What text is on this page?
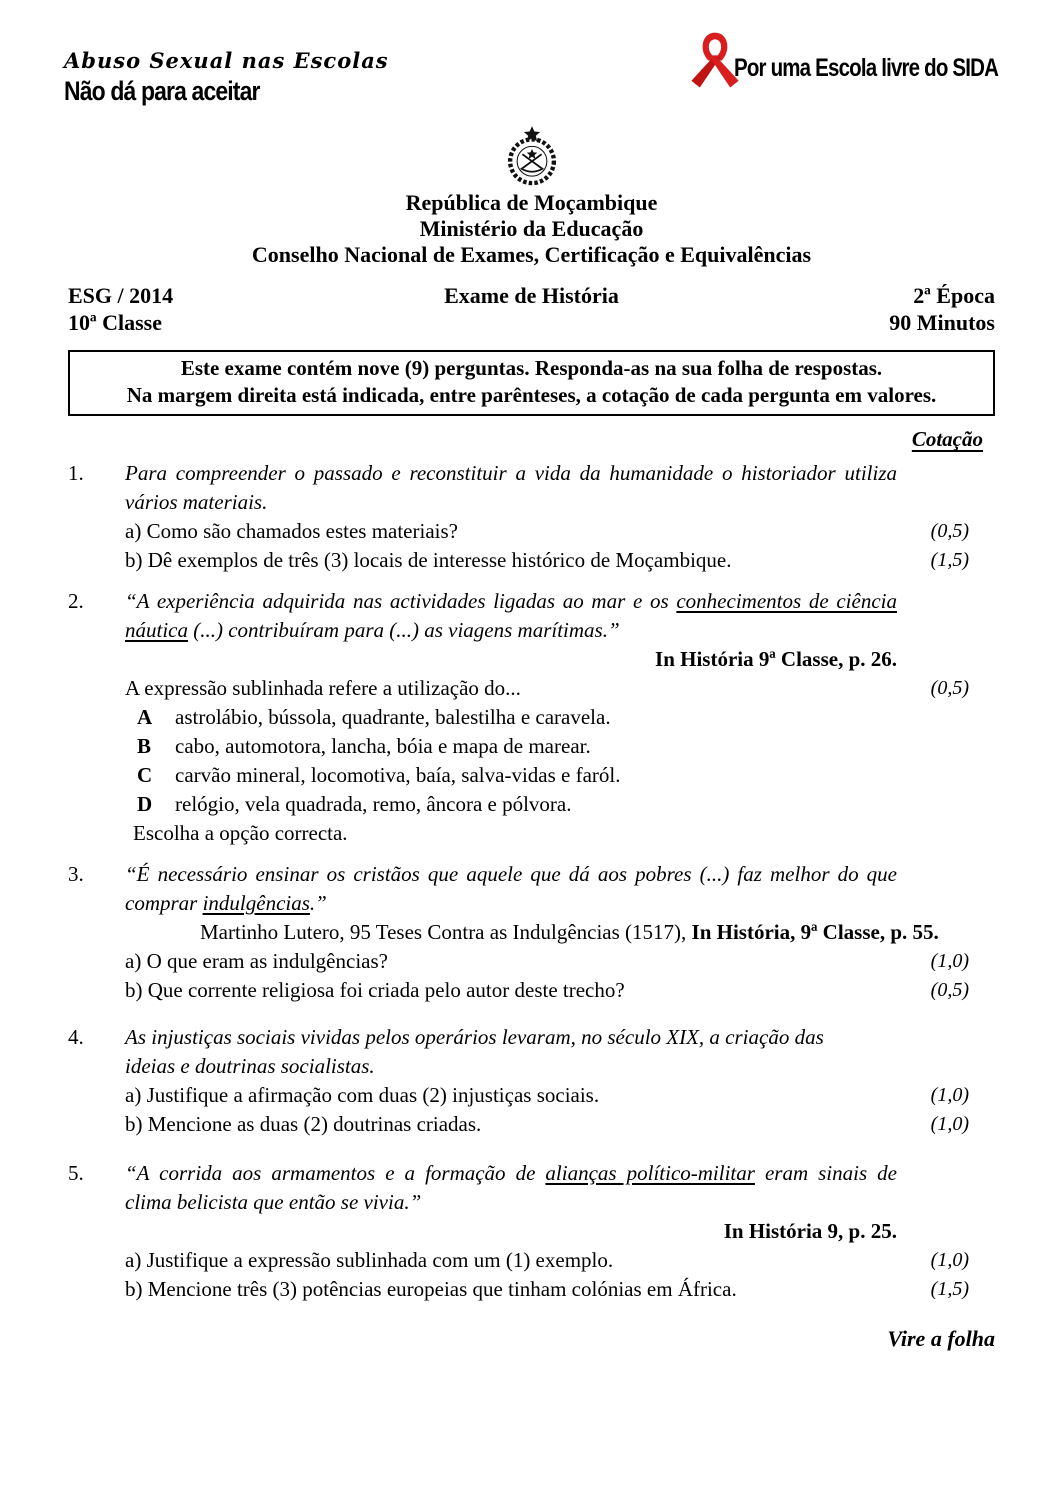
Abuso Sexual nas Escolas
Não dá para aceitar
Por uma Escola livre do SIDA
República de Moçambique
Ministério da Educação
Conselho Nacional de Exames, Certificação e Equivalências
ESG / 2014
10ª Classe
Exame de História	2ª Época
90 Minutos
Este exame contém nove (9) perguntas. Responda-as na sua folha de respostas.
Na margem direita está indicada, entre parênteses, a cotação de cada pergunta em valores.
Cotação
1.	Para compreender o passado e reconstituir a vida da humanidade o historiador utiliza
vários materiais.
a) Como são chamados estes materiais?	(0,5)
b) Dê exemplos de três (3) locais de interesse histórico de Moçambique.	(1,5)
2.	“A experiência adquirida nas actividades ligadas ao mar e os conhecimentos de ciência
náutica (...) contribuíram para (...) as viagens marítimas.”
In História 9ª Classe, p. 26.
A expressão sublinhada refere a utilização do...	(0,5)
A	astrolábio, bússola, quadrante, balestilha e caravela.
B	cabo, automotora, lancha, bóia e mapa de marear.
C	carvão mineral, locomotiva, baía, salva-vidas e faról.
D	relógio, vela quadrada, remo, âncora e pólvora.
Escolha a opção correcta.
3.	“É necessário ensinar os cristãos que aquele que dá aos pobres (...) faz melhor do que
comprar indulgências.”
Martinho Lutero, 95 Teses Contra as Indulgências (1517), In História, 9ª Classe, p. 55.
a) O que eram as indulgências?	(1,0)
b) Que corrente religiosa foi criada pelo autor deste trecho?	(0,5)
4.	As injustiças sociais vividas pelos operários levaram, no século XIX, a criação das
ideias e doutrinas socialistas.
a) Justifique a afirmação com duas (2) injustiças sociais.	(1,0)
b) Mencione as duas (2) doutrinas criadas.	(1,0)
5.	“A corrida aos armamentos e a formação de alianças político-militar eram sinais de
clima belicista que então se vivia.”
In História 9, p. 25.
a) Justifique a expressão sublinhada com um (1) exemplo.	(1,0)
b) Mencione três (3) potências europeias que tinham colónias em África.	(1,5)
Vire a folha
